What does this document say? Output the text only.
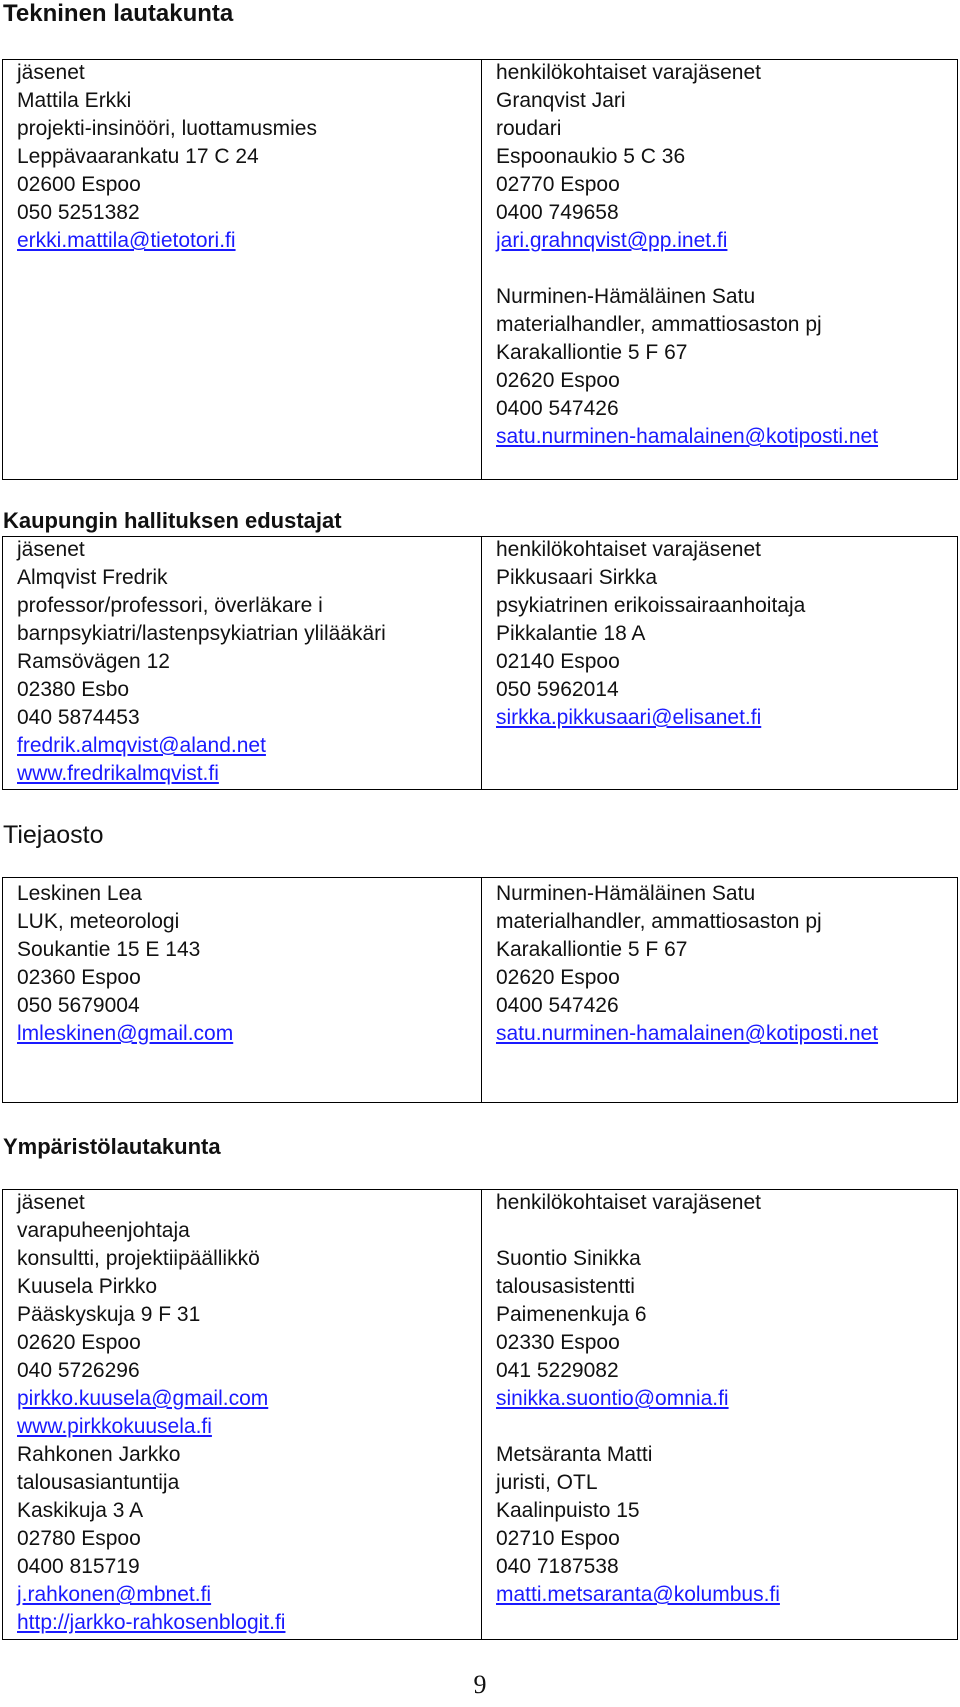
Tekninen lautakunta
jäsenet
Mattila Erkki
projekti-insinööri, luottamusmies
Leppävaarankatu 17 C 24
02600 Espoo
050 5251382
erkki.mattila@tietotori.fi
henkilökohtaiset varajäsenet
Granqvist Jari
roudari
Espoonaukio 5 C 36
02770 Espoo
0400 749658
jari.grahnqvist@pp.inet.fi
Nurminen-Hämäläinen Satu
materialhandler, ammattiosaston pj
Karakalliontie 5 F 67
02620 Espoo
0400 547426
satu.nurminen-hamalainen@kotiposti.net
Kaupungin hallituksen edustajat
jäsenet
Almqvist Fredrik
professor/professori, överläkare i
barnpsykiatri/lastenpsykiatrian ylilääkäri
Ramsövägen 12
02380 Esbo
040 5874453
fredrik.almqvist@aland.net
www.fredrikalmqvist.fi
henkilökohtaiset varajäsenet
Pikkusaari Sirkka
psykiatrinen erikoissairaanhoitaja
Pikkalantie 18 A
02140 Espoo
050 5962014
sirkka.pikkusaari@elisanet.fi
Tiejaosto
Leskinen Lea
LUK, meteorologi
Soukantie 15 E 143
02360 Espoo
050 5679004
lmleskinen@gmail.com
Nurminen-Hämäläinen Satu
materialhandler, ammattiosaston pj
Karakalliontie 5 F 67
02620 Espoo
0400 547426
satu.nurminen-hamalainen@kotiposti.net
Ympäristölautakunta
jäsenet
varapuheenjohtaja
konsultti, projektiipäällikkö
Kuusela Pirkko
Pääskyskuja 9 F 31
02620 Espoo
040 5726296
pirkko.kuusela@gmail.com
www.pirkkokuusela.fi
Rahkonen Jarkko
talousasiantuntija
Kaskikuja 3 A
02780 Espoo
0400 815719
j.rahkonen@mbnet.fi
http://jarkko-rahkosenblogit.fi
henkilökohtaiset varajäsenet
Suontio Sinikka
talousasistentti
Paimenenkuja 6
02330 Espoo
041 5229082
sinikka.suontio@omnia.fi
Metsäranta Matti
juristi, OTL
Kaalinpuisto 15
02710 Espoo
040 7187538
matti.metsaranta@kolumbus.fi
9
